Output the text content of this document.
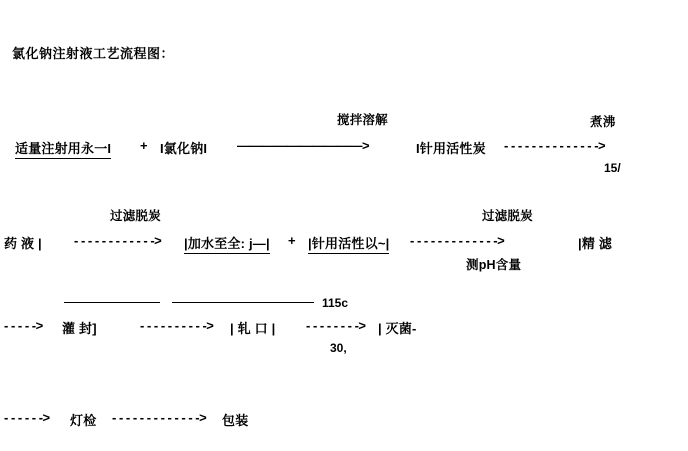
氯化钠注射液工艺流程图：
搅拌溶解	煮沸
适量注射用永一I + I氯化钠I ——————————>	I针用活性炭 - - - - - - - - - - - - - ->
15/
过滤脱炭	过滤脱炭
药 液 | - - - - - - - - - - - -> |加水至全: j—| + |针用活性以~| - - - - - - - - - - - - ->	|精 滤
测pH含量
115c
- - - - -> 灌 封]	- - - - - - - - - -> | 轧 口 | - - - - - - - -> | 灭菌-
30,
- - - - - -> 灯检 - - - - - - - - - - - - -> 包装
